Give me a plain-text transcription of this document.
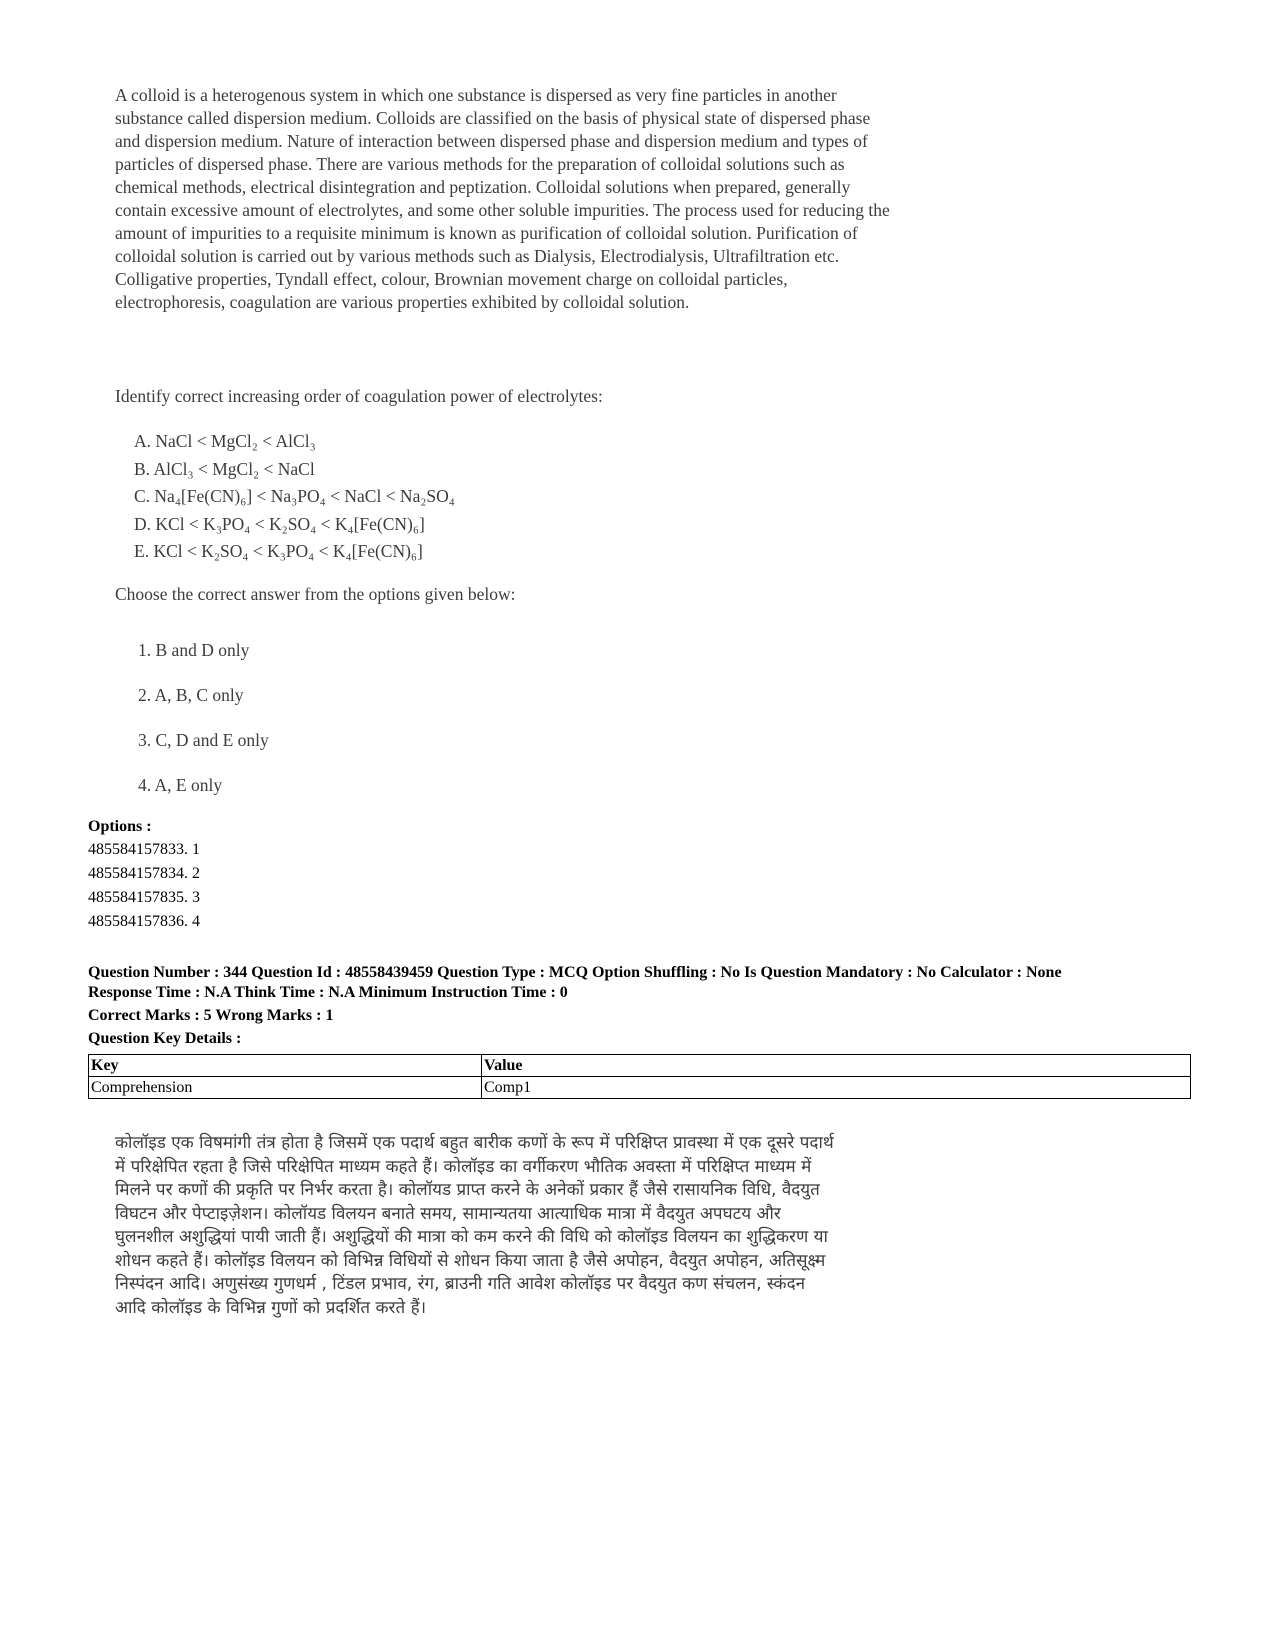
A colloid is a heterogenous system in which one substance is dispersed as very fine particles in another
substance called dispersion medium. Colloids are classified on the basis of physical state of dispersed phase
and dispersion medium. Nature of interaction between dispersed phase and dispersion medium and types of
particles of dispersed phase. There are various methods for the preparation of colloidal solutions such as
chemical methods, electrical disintegration and peptization. Colloidal solutions when prepared, generally
contain excessive amount of electrolytes, and some other soluble impurities. The process used for reducing the
amount of impurities to a requisite minimum is known as purification of colloidal solution. Purification of
colloidal solution is carried out by various methods such as Dialysis, Electrodialysis, Ultrafiltration etc.
Colligative properties, Tyndall effect, colour, Brownian movement charge on colloidal particles,
electrophoresis, coagulation are various properties exhibited by colloidal solution.
Identify correct increasing order of coagulation power of electrolytes:
A. NaCl < MgCl₂ < AlCl₃
B. AlCl₃ < MgCl₂ < NaCl
C. Na₄[Fe(CN)₆] < Na₃PO₄ < NaCl < Na₂SO₄
D. KCl < K₃PO₄ < K₂SO₄ < K₄[Fe(CN)₆]
E. KCl < K₂SO₄ < K₃PO₄ < K₄[Fe(CN)₆]
Choose the correct answer from the options given below:
1. B and D only
2. A, B, C only
3. C, D and E only
4. A, E only
Options :
485584157833. 1
485584157834. 2
485584157835. 3
485584157836. 4
Question Number : 344 Question Id : 48558439459 Question Type : MCQ Option Shuffling : No Is Question Mandatory : No Calculator : None
Response Time : N.A Think Time : N.A Minimum Instruction Time : 0
Correct Marks : 5 Wrong Marks : 1
Question Key Details :
Key	Value
Comprehension	Comp1
कोलॉइड एक विषमांगी तंत्र होता है जिसमें एक पदार्थ बहुत बारीक कणों के रूप में परिक्षिप्त प्रावस्था में एक दूसरे पदार्थ
में परिक्षेपित रहता है जिसे परिक्षेपित माध्यम कहते हैं। कोलॉइड का वर्गीकरण भौतिक अवस्ता में परिक्षिप्त माध्यम में
मिलने पर कणों की प्रकृति पर निर्भर करता है। कोलॉयड प्राप्त करने के अनेकों प्रकार हैं जैसे रासायनिक विधि, वैदयुत
विघटन और पेप्टाइज़ेशन। कोलॉयड विलयन बनाते समय, सामान्यतया आत्याधिक मात्रा में वैदयुत अपघटय और
घुलनशील अशुद्धियां पायी जाती हैं। अशुद्धियों की मात्रा को कम करने की विधि को कोलॉइड विलयन का शुद्धिकरण या
शोधन कहते हैं। कोलॉइड विलयन को विभिन्न विधियों से शोधन किया जाता है जैसे अपोहन, वैदयुत अपोहन, अतिसूक्ष्म
निस्पंदन आदि। अणुसंख्य गुणधर्म , टिंडल प्रभाव, रंग, ब्राउनी गति आवेश कोलॉइड पर वैदयुत कण संचलन, स्कंदन
आदि कोलॉइड के विभिन्न गुणों को प्रदर्शित करते हैं।
